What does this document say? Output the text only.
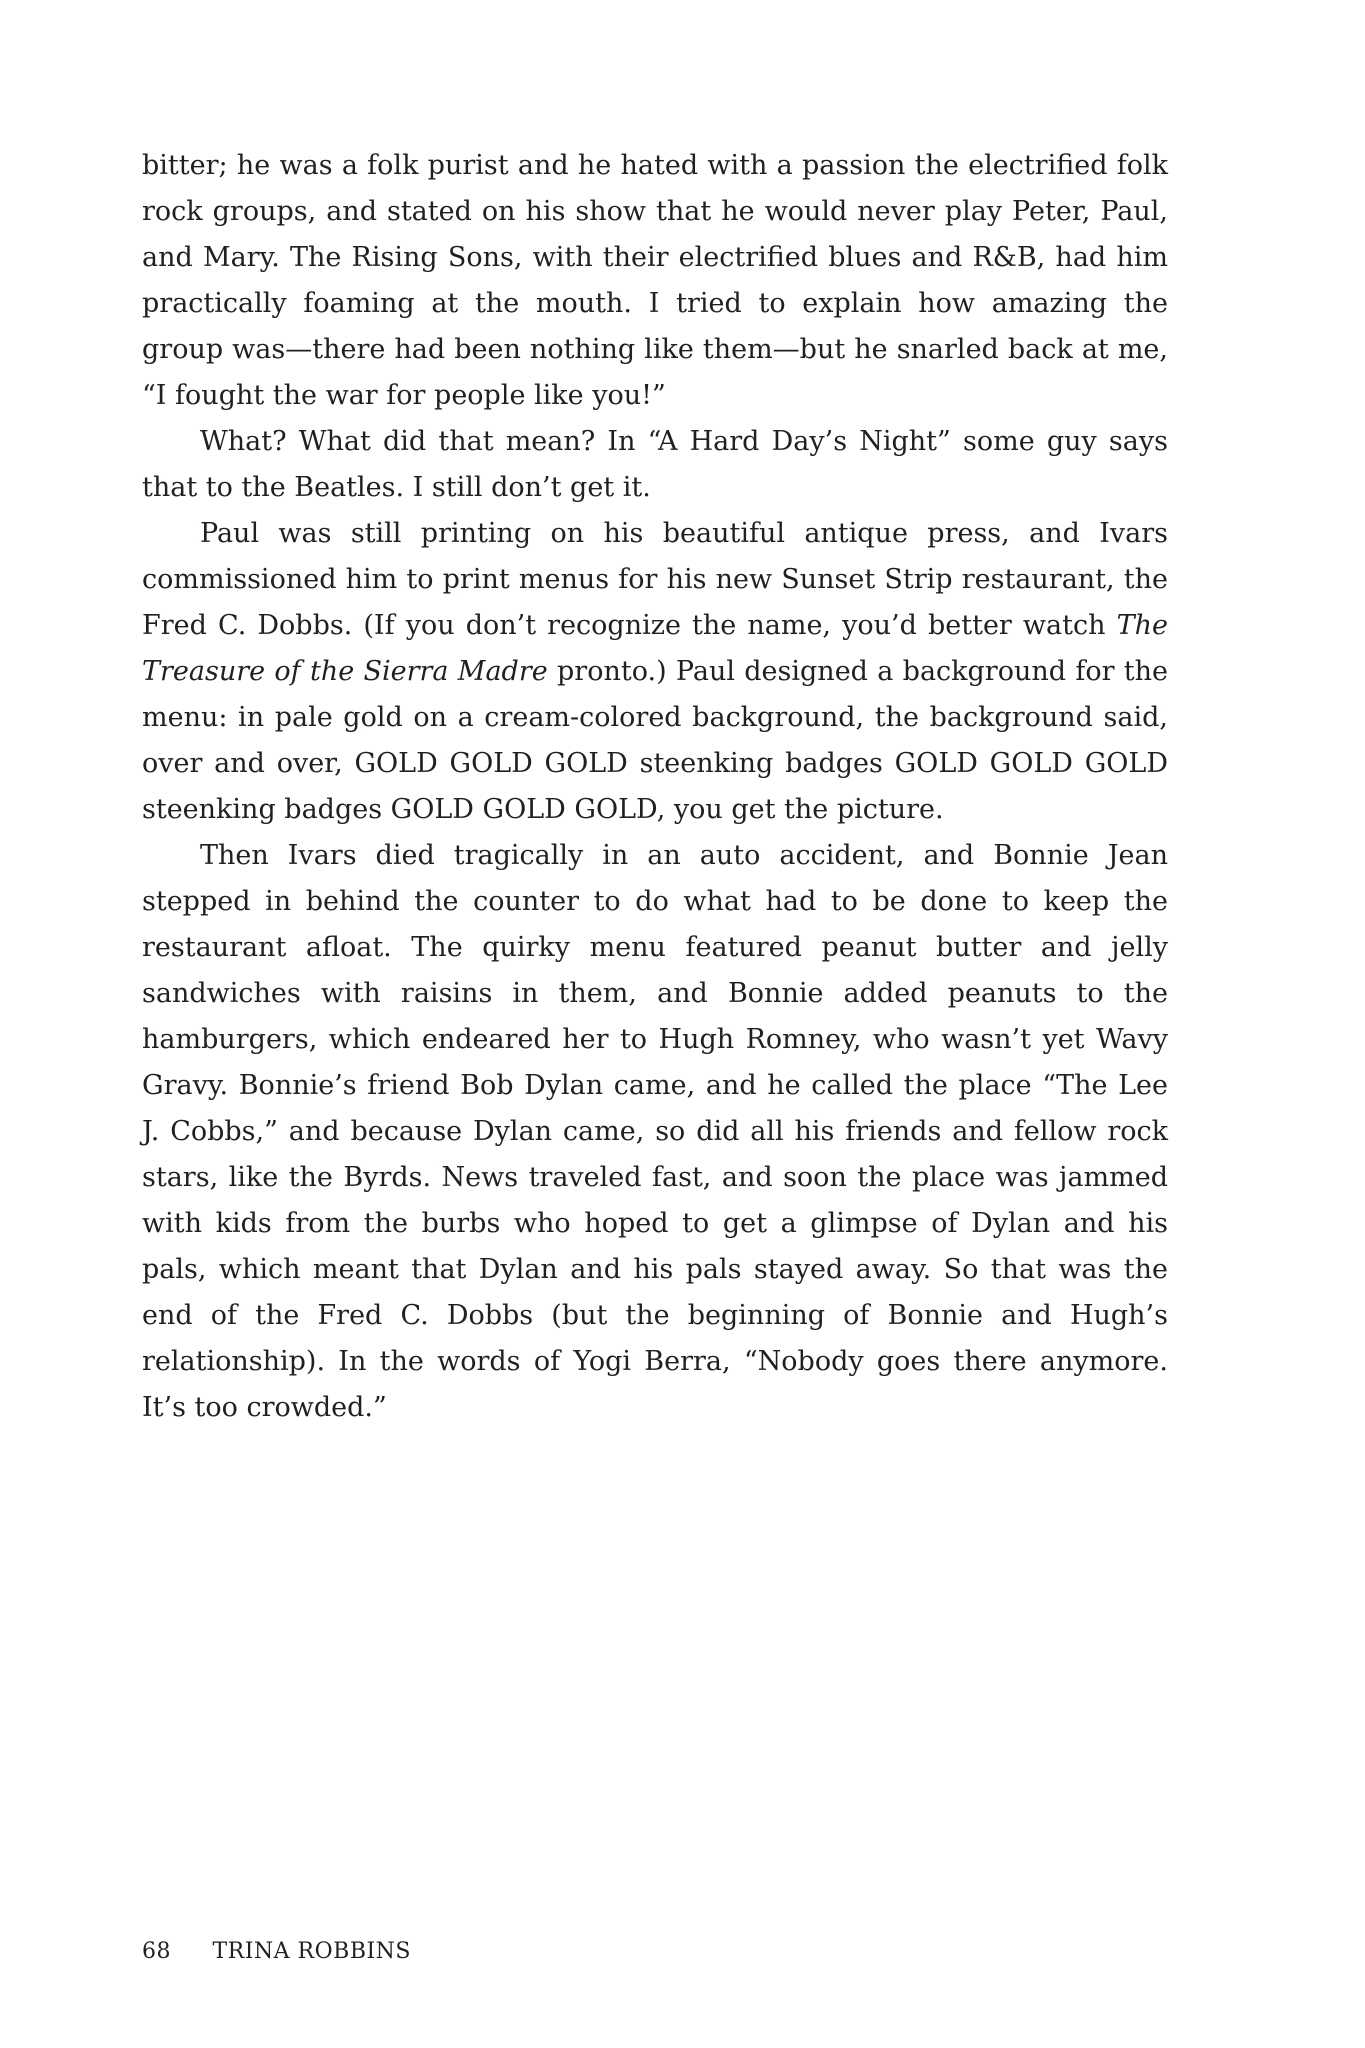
bitter; he was a folk purist and he hated with a passion the electrified folk rock groups, and stated on his show that he would never play Peter, Paul, and Mary. The Rising Sons, with their electrified blues and R&B, had him practically foaming at the mouth. I tried to explain how amazing the group was—there had been nothing like them—but he snarled back at me, “I fought the war for people like you!”

What? What did that mean? In “A Hard Day’s Night” some guy says that to the Beatles. I still don’t get it.

Paul was still printing on his beautiful antique press, and Ivars commissioned him to print menus for his new Sunset Strip restaurant, the Fred C. Dobbs. (If you don’t recognize the name, you’d better watch The Treasure of the Sierra Madre pronto.) Paul designed a background for the menu: in pale gold on a cream-colored background, the background said, over and over, GOLD GOLD GOLD steenking badges GOLD GOLD GOLD steenking badges GOLD GOLD GOLD, you get the picture.

Then Ivars died tragically in an auto accident, and Bonnie Jean stepped in behind the counter to do what had to be done to keep the restaurant afloat. The quirky menu featured peanut butter and jelly sandwiches with raisins in them, and Bonnie added peanuts to the hamburgers, which endeared her to Hugh Romney, who wasn’t yet Wavy Gravy. Bonnie’s friend Bob Dylan came, and he called the place “The Lee J. Cobbs,” and because Dylan came, so did all his friends and fellow rock stars, like the Byrds. News traveled fast, and soon the place was jammed with kids from the burbs who hoped to get a glimpse of Dylan and his pals, which meant that Dylan and his pals stayed away. So that was the end of the Fred C. Dobbs (but the beginning of Bonnie and Hugh’s relationship). In the words of Yogi Berra, “Nobody goes there anymore. It’s too crowded.”

68 TRINA ROBBINS
